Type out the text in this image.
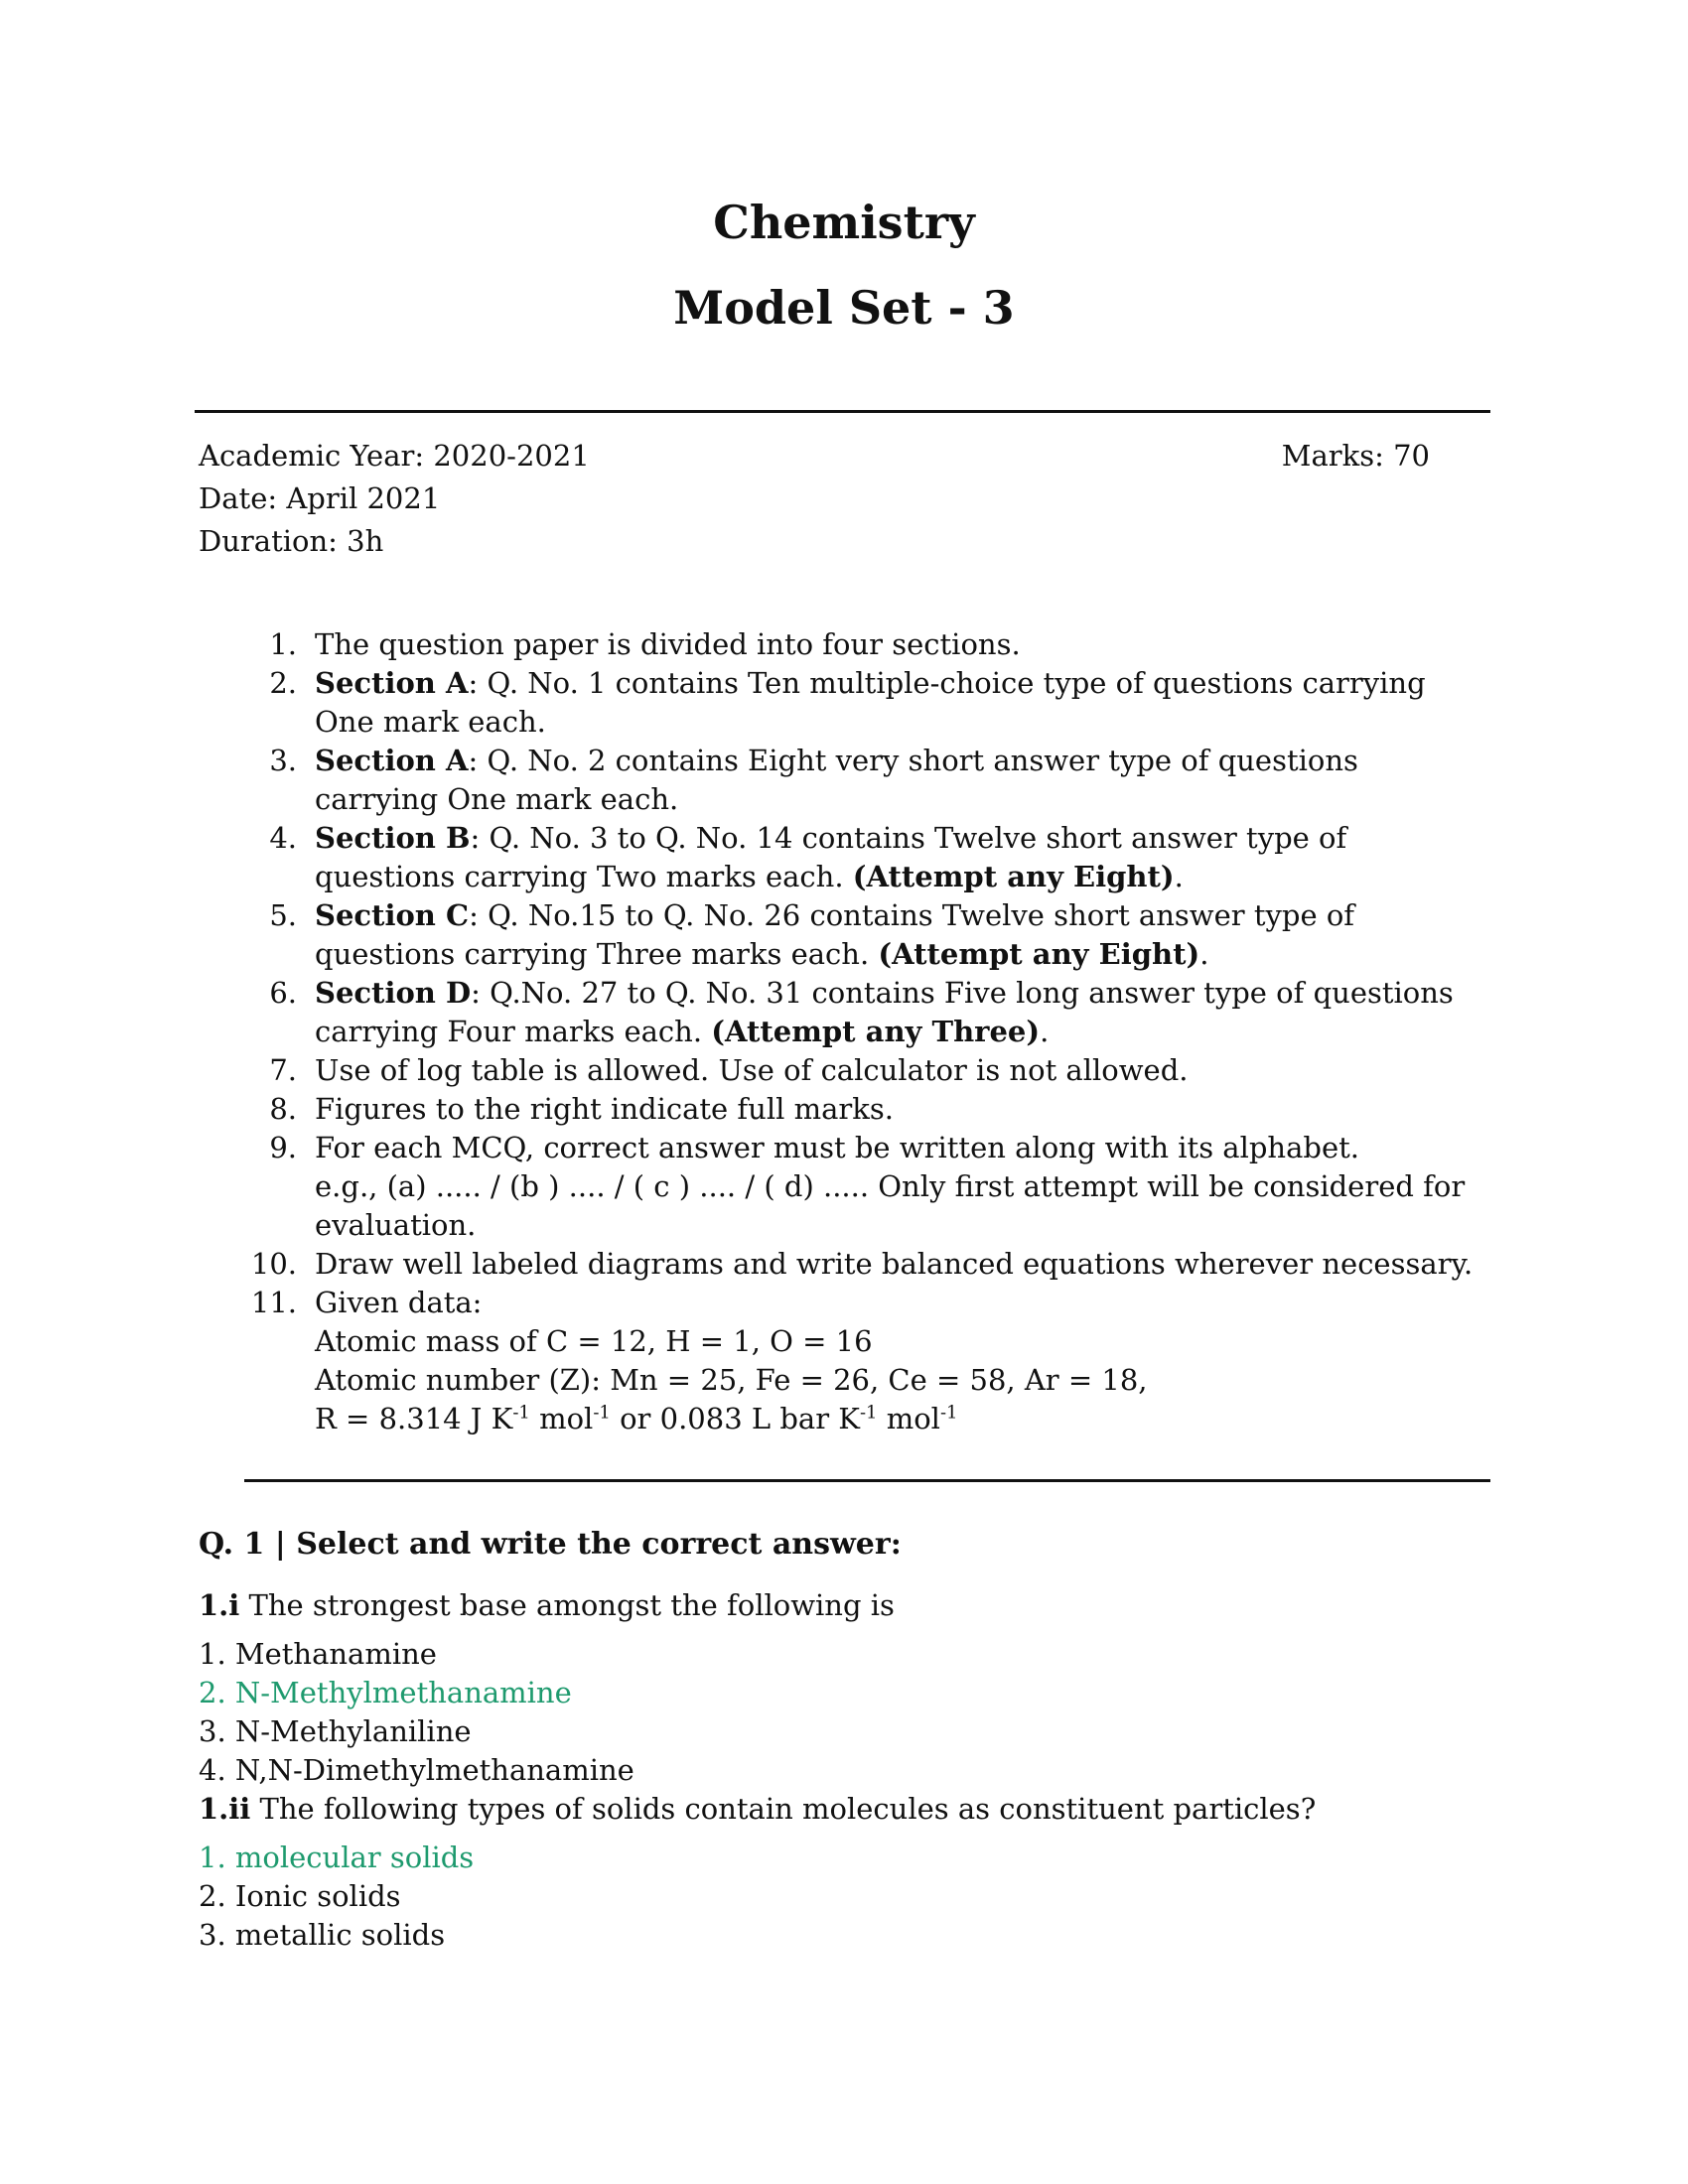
Chemistry
Model Set - 3
Academic Year: 2020-2021	Marks: 70
Date: April 2021
Duration: 3h
1. The question paper is divided into four sections.
2. Section A: Q. No. 1 contains Ten multiple-choice type of questions carrying One mark each.
3. Section A: Q. No. 2 contains Eight very short answer type of questions carrying One mark each.
4. Section B: Q. No. 3 to Q. No. 14 contains Twelve short answer type of questions carrying Two marks each. (Attempt any Eight).
5. Section C: Q. No.15 to Q. No. 26 contains Twelve short answer type of questions carrying Three marks each. (Attempt any Eight).
6. Section D: Q.No. 27 to Q. No. 31 contains Five long answer type of questions carrying Four marks each. (Attempt any Three).
7. Use of log table is allowed. Use of calculator is not allowed.
8. Figures to the right indicate full marks.
9. For each MCQ, correct answer must be written along with its alphabet.
e.g., (a) ..... / (b ) .... / ( c ) .... / ( d) ..... Only first attempt will be considered for evaluation.
10. Draw well labeled diagrams and write balanced equations wherever necessary.
11. Given data:
Atomic mass of C = 12, H = 1, O = 16
Atomic number (Z): Mn = 25, Fe = 26, Ce = 58, Ar = 18,
R = 8.314 J $K^{-1}$ mol$^{-1}$ or 0.083 L bar $K^{-1}$ mol$^{-1}$
Q. 1 | Select and write the correct answer:

1.i The strongest base amongst the following is

1. Methanamine

2. N-Methylmethanamine

3. N-Methylaniline

4. N,N-Dimethylmethanamine

1.ii The following types of solids contain molecules as constituent particles?

1. molecular solids

2. Ionic solids

3. metallic solids
